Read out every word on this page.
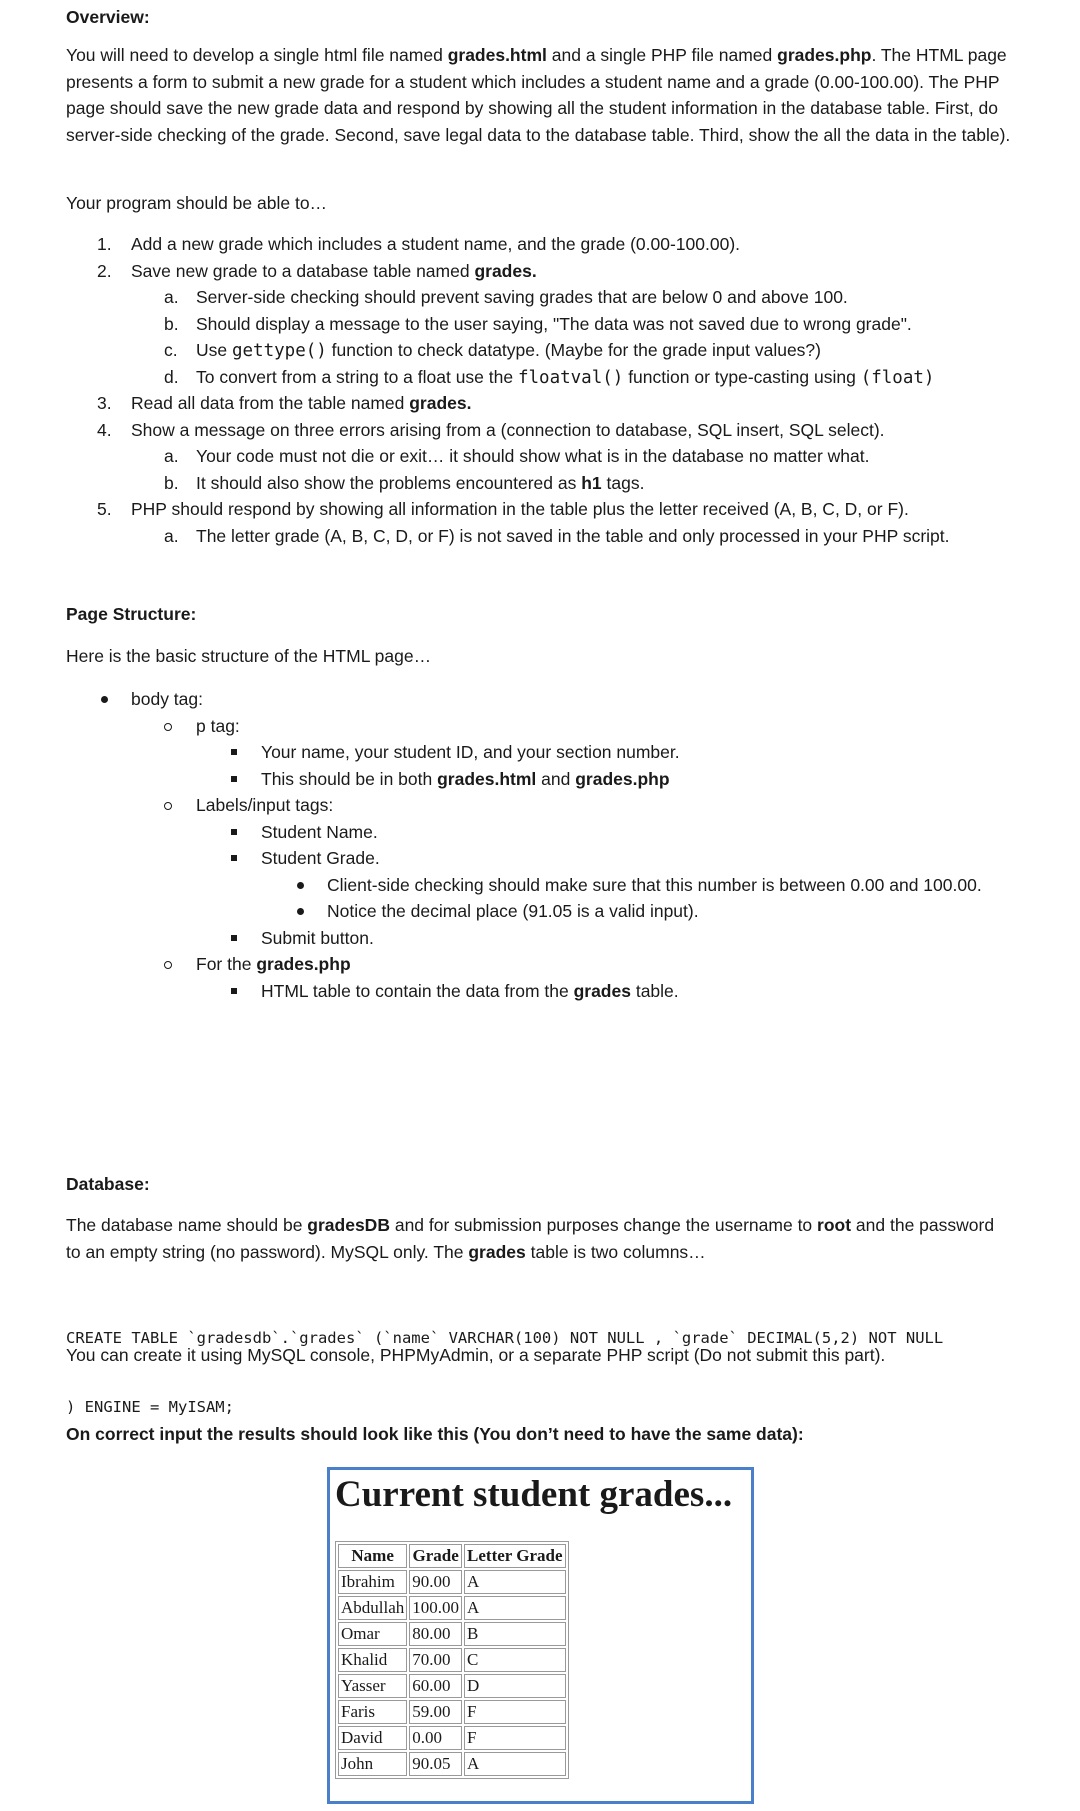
Overview:
You will need to develop a single html file named grades.html and a single PHP file named grades.php. The HTML page presents a form to submit a new grade for a student which includes a student name and a grade (0.00-100.00). The PHP page should save the new grade data and respond by showing all the student information in the database table. First, do server-side checking of the grade. Second, save legal data to the database table. Third, show the all the data in the table).
Your program should be able to…
1. Add a new grade which includes a student name, and the grade (0.00-100.00).
2. Save new grade to a database table named grades.
a. Server-side checking should prevent saving grades that are below 0 and above 100.
b. Should display a message to the user saying, "The data was not saved due to wrong grade".
c. Use gettype() function to check datatype. (Maybe for the grade input values?)
d. To convert from a string to a float use the floatval() function or type-casting using (float)
3. Read all data from the table named grades.
4. Show a message on three errors arising from a (connection to database, SQL insert, SQL select).
a. Your code must not die or exit… it should show what is in the database no matter what.
b. It should also show the problems encountered as h1 tags.
5. PHP should respond by showing all information in the table plus the letter received (A, B, C, D, or F).
a. The letter grade (A, B, C, D, or F) is not saved in the table and only processed in your PHP script.
Page Structure:
Here is the basic structure of the HTML page…
body tag:
p tag:
Your name, your student ID, and your section number.
This should be in both grades.html and grades.php
Labels/input tags:
Student Name.
Student Grade.
Client-side checking should make sure that this number is between 0.00 and 100.00.
Notice the decimal place (91.05 is a valid input).
Submit button.
For the grades.php
HTML table to contain the data from the grades table.
Database:
The database name should be gradesDB and for submission purposes change the username to root and the password to an empty string (no password). MySQL only. The grades table is two columns…

CREATE TABLE `gradesdb`.`grades` (`name` VARCHAR(100) NOT NULL , `grade` DECIMAL(5,2) NOT NULL

) ENGINE = MyISAM;

You can create it using MySQL console, PHPMyAdmin, or a separate PHP script (Do not submit this part).
On correct input the results should look like this (You don’t need to have the same data):
Current student grades...
Name	Grade	Letter Grade
Ibrahim	90.00	A
Abdullah	100.00	A
Omar	80.00	B
Khalid	70.00	C
Yasser	60.00	D
Faris	59.00	F
David	0.00	F
John	90.05	A
